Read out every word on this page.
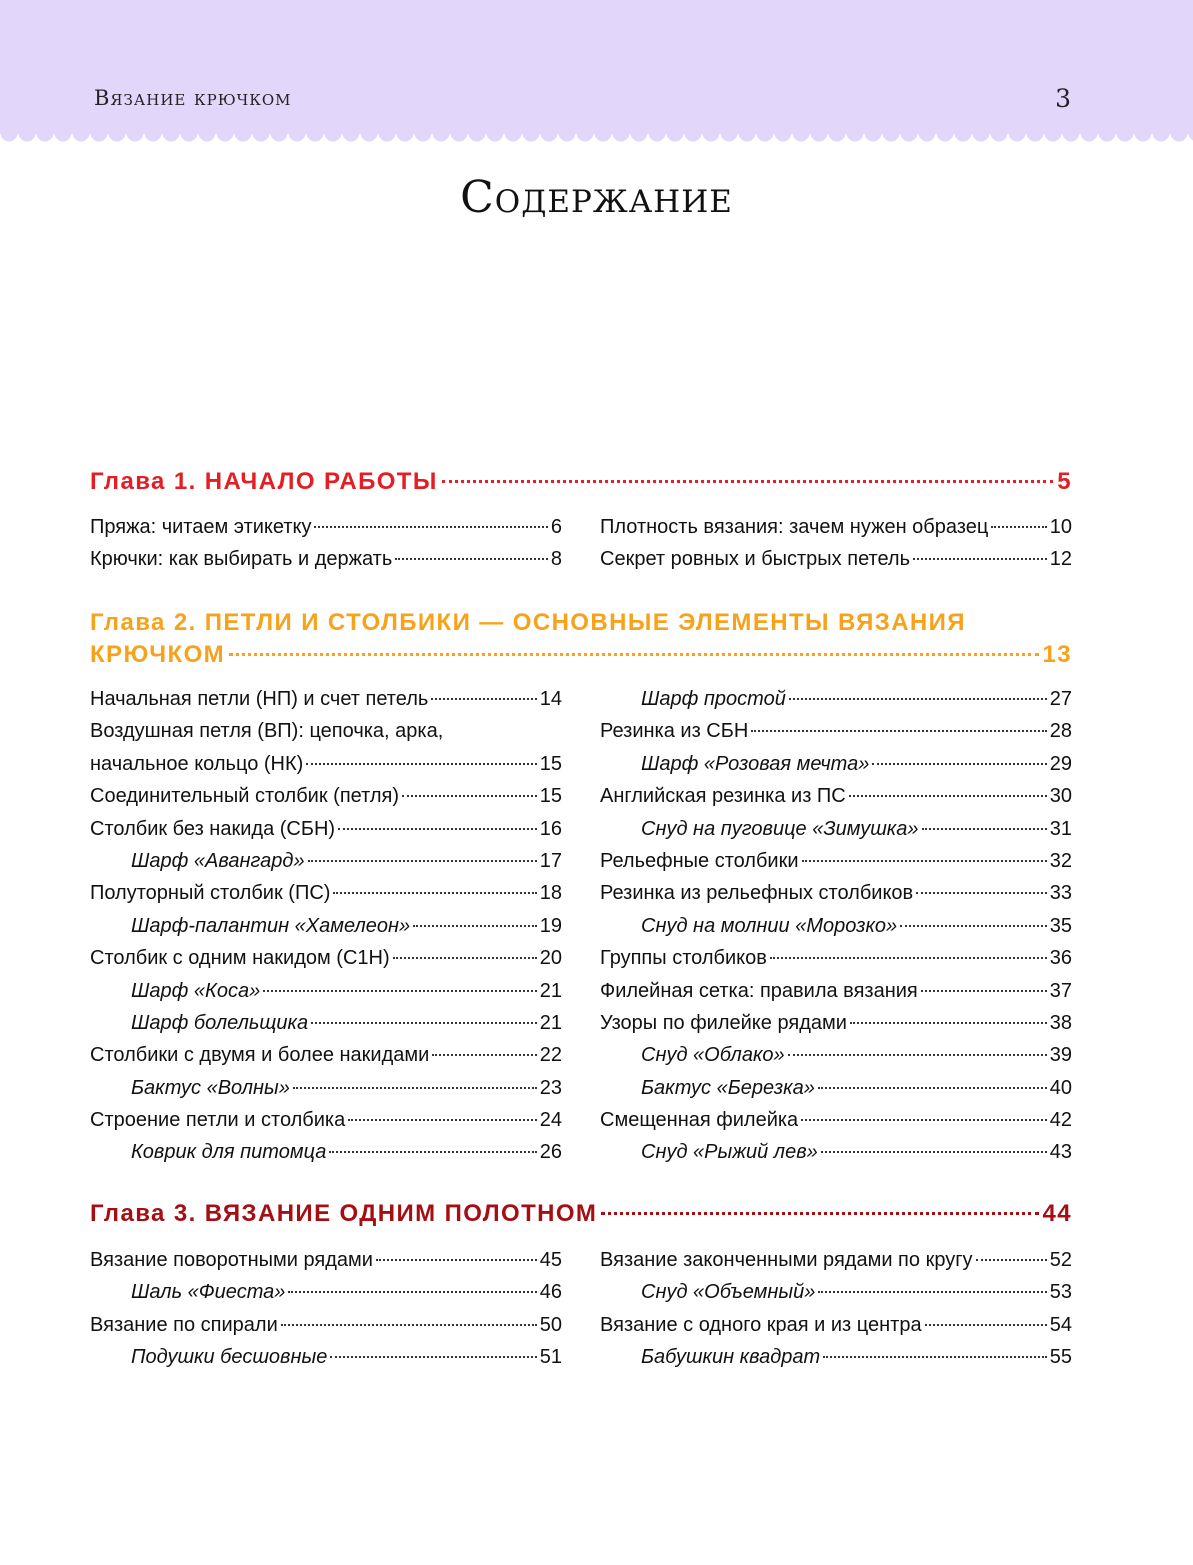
Вязание крючком	3
Содержание
Глава 1. НАЧАЛО РАБОТЫ	5
Пряжа: читаем этикетку	6
Крючки: как выбирать и держать	8
Плотность вязания: зачем нужен образец	10
Секрет ровных и быстрых петель	12
Глава 2. ПЕТЛИ И СТОЛБИКИ — ОСНОВНЫЕ ЭЛЕМЕНТЫ ВЯЗАНИЯ
КРЮЧКОМ	13
Начальная петли (НП) и счет петель	14
Воздушная петля (ВП): цепочка, арка,
начальное кольцо (НК)	15
Соединительный столбик (петля)	15
Столбик без накида (СБН)	16
Шарф «Авангард»	17
Полуторный столбик (ПС)	18
Шарф-палантин «Хамелеон»	19
Столбик с одним накидом (С1Н)	20
Шарф «Коса»	21
Шарф болельщика	21
Столбики с двумя и более накидами	22
Бактус «Волны»	23
Строение петли и столбика	24
Коврик для питомца	26
Шарф простой	27
Резинка из СБН	28
Шарф «Розовая мечта»	29
Английская резинка из ПС	30
Снуд на пуговице «Зимушка»	31
Рельефные столбики	32
Резинка из рельефных столбиков	33
Снуд на молнии «Морозко»	35
Группы столбиков	36
Филейная сетка: правила вязания	37
Узоры по филейке рядами	38
Снуд «Облако»	39
Бактус «Березка»	40
Смещенная филейка	42
Снуд «Рыжий лев»	43
Глава 3. ВЯЗАНИЕ ОДНИМ ПОЛОТНОМ	44
Вязание поворотными рядами	45
Шаль «Фиеста»	46
Вязание по спирали	50
Подушки бесшовные	51
Вязание законченными рядами по кругу	52
Снуд «Объемный»	53
Вязание с одного края и из центра	54
Бабушкин квадрат	55
